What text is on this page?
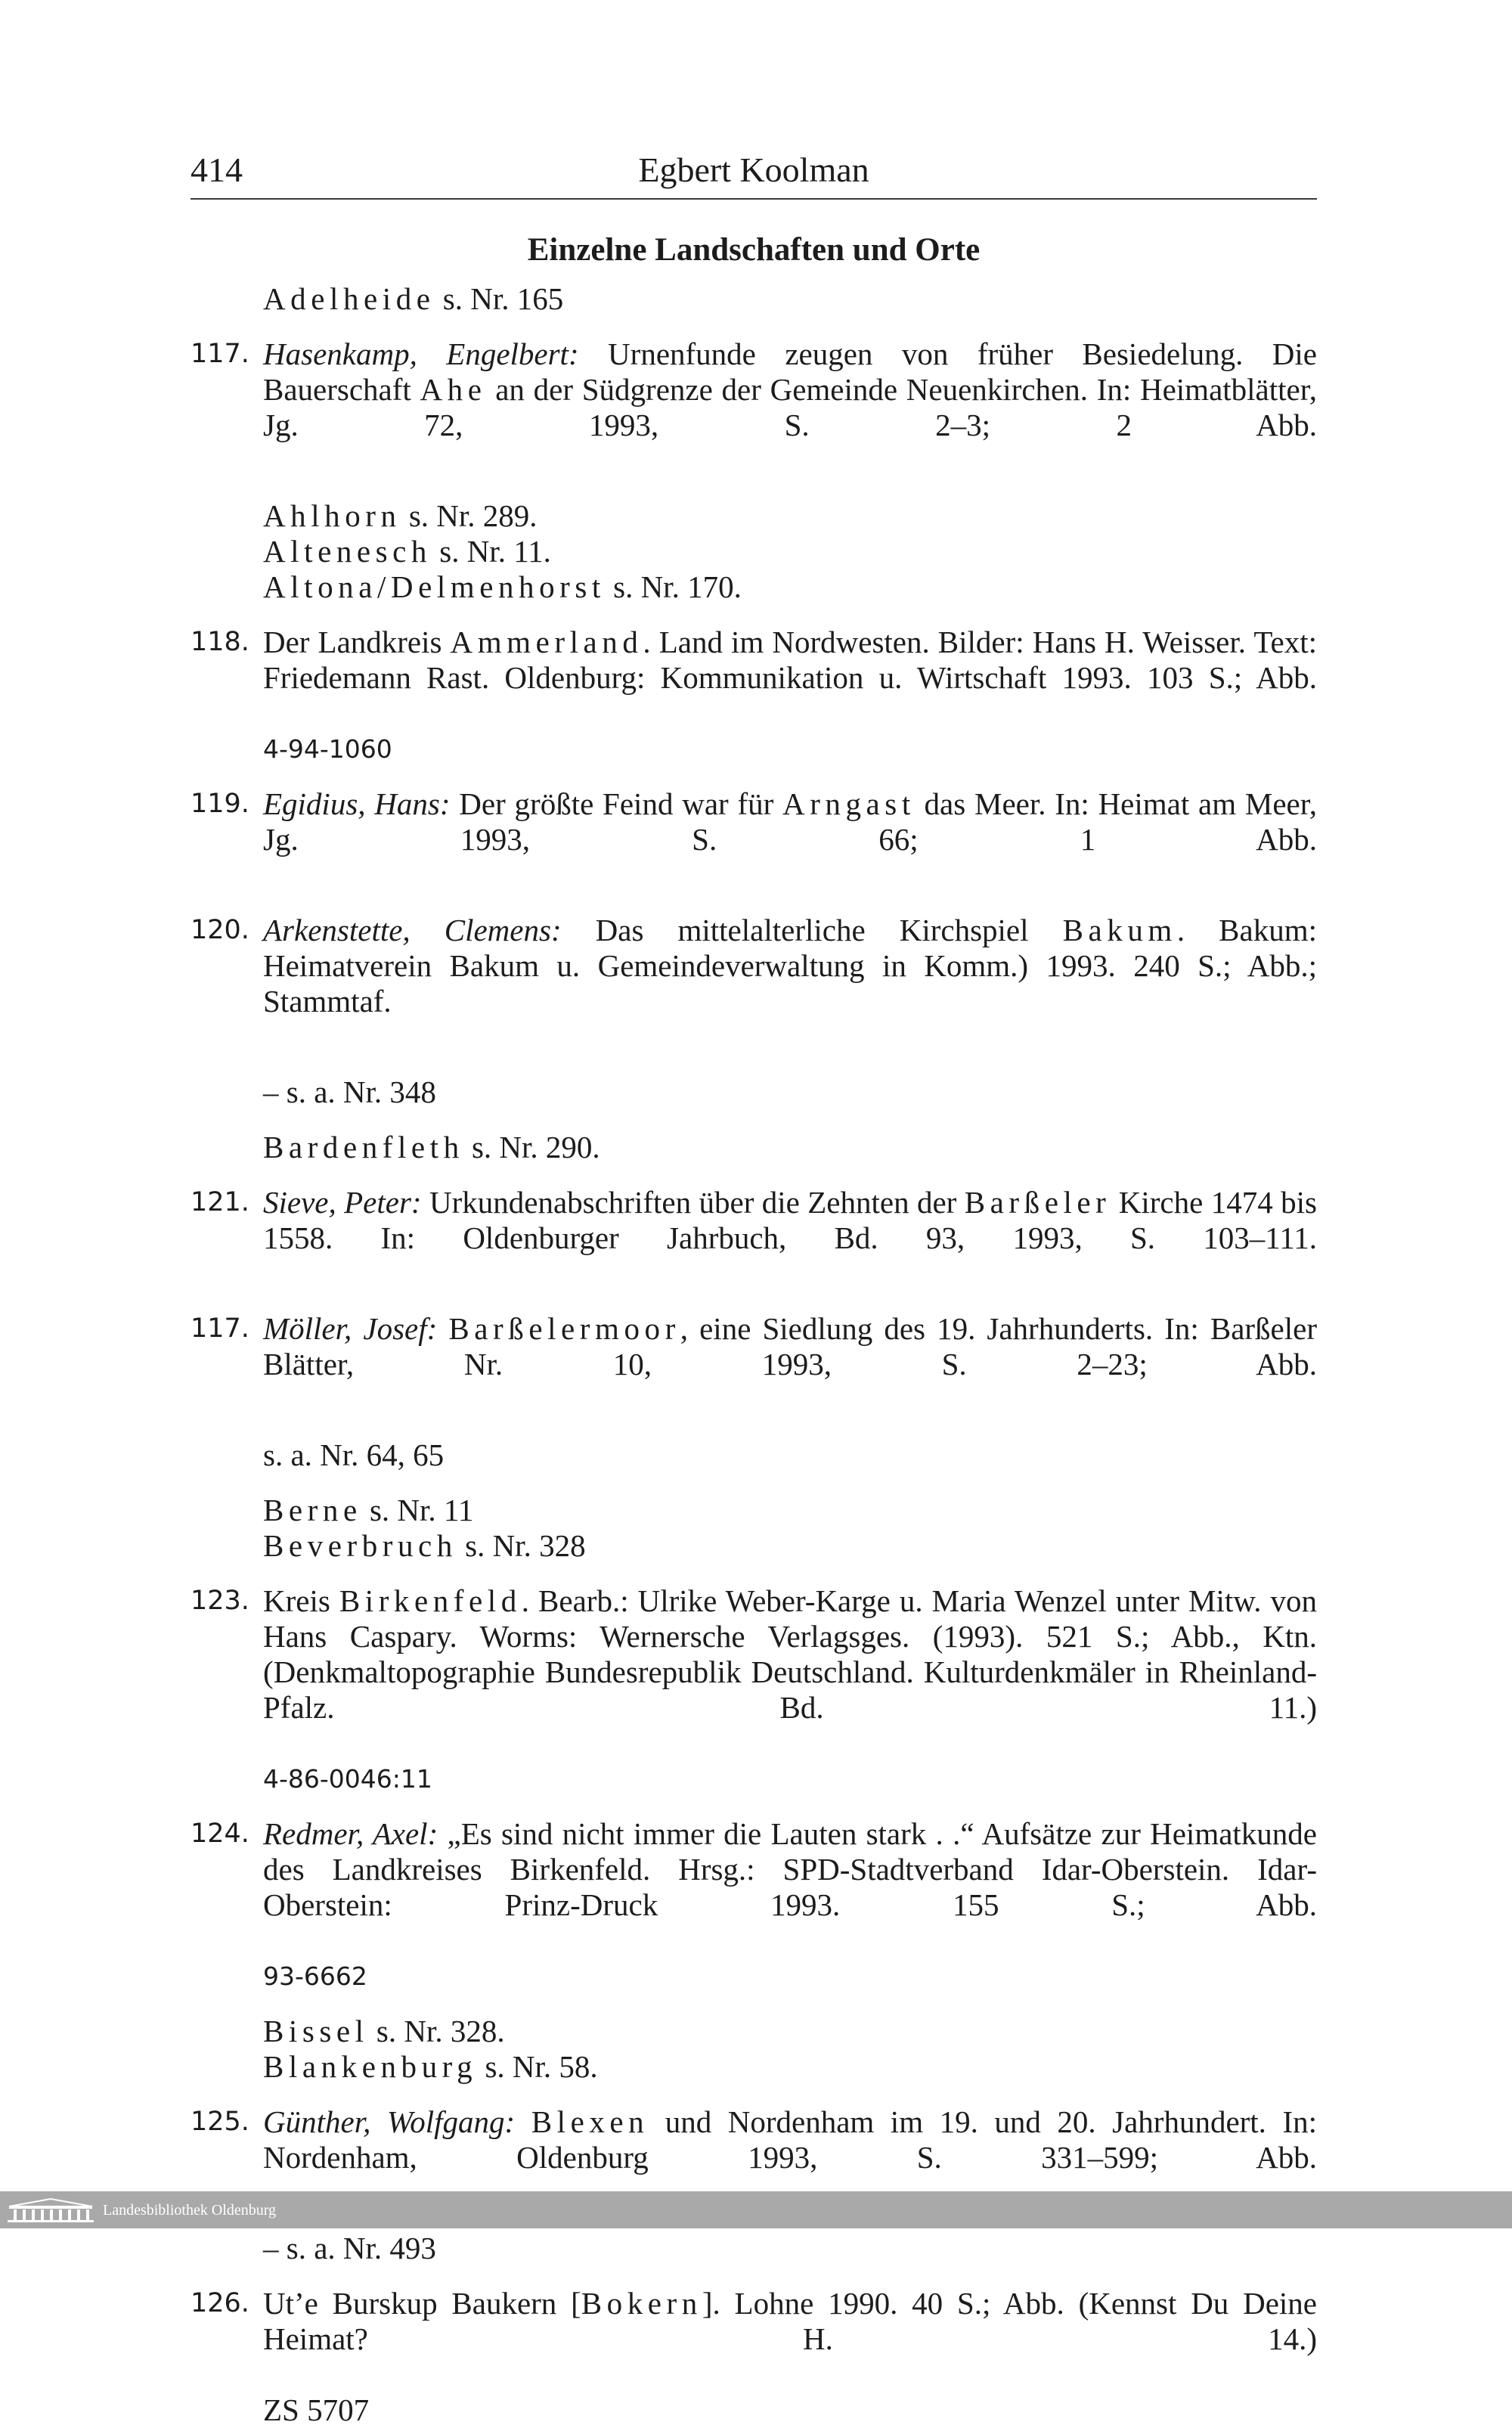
414	Egbert Koolman
Einzelne Landschaften und Orte
Adelheide s. Nr. 165
117. Hasenkamp, Engelbert: Urnenfunde zeugen von früher Besiedelung. Die Bauerschaft Ahe an der Südgrenze der Gemeinde Neuenkirchen. In: Heimatblätter, Jg. 72, 1993, S. 2–3; 2 Abb.
Ahlhorn s. Nr. 289.
Altenesch s. Nr. 11.
Altona/Delmenhorst s. Nr. 170.
118. Der Landkreis Ammerland. Land im Nordwesten. Bilder: Hans H. Weisser. Text: Friedemann Rast. Oldenburg: Kommunikation u. Wirtschaft 1993. 103 S.; Abb.
4-94-1060
119. Egidius, Hans: Der größte Feind war für Arngast das Meer. In: Heimat am Meer, Jg. 1993, S. 66; 1 Abb.
120. Arkenstette, Clemens: Das mittelalterliche Kirchspiel Bakum. Bakum: Heimatverein Bakum u. Gemeindeverwaltung in Komm.) 1993. 240 S.; Abb.; Stammtaf.
– s. a. Nr. 348
Bardenfleth s. Nr. 290.
121. Sieve, Peter: Urkundenabschriften über die Zehnten der Barßeler Kirche 1474 bis 1558. In: Oldenburger Jahrbuch, Bd. 93, 1993, S. 103–111.
117. Möller, Josef: Barßelermoor, eine Siedlung des 19. Jahrhunderts. In: Barßeler Blätter, Nr. 10, 1993, S. 2–23; Abb.
s. a. Nr. 64, 65
Berne s. Nr. 11
Beverbruch s. Nr. 328
123. Kreis Birkenfeld. Bearb.: Ulrike Weber-Karge u. Maria Wenzel unter Mitw. von Hans Caspary. Worms: Wernersche Verlagsges. (1993). 521 S.; Abb., Ktn. (Denkmaltopographie Bundesrepublik Deutschland. Kulturdenkmäler in Rheinland-Pfalz. Bd. 11.)
4-86-0046:11
124. Redmer, Axel: „Es sind nicht immer die Lauten stark . .“ Aufsätze zur Heimatkunde des Landkreises Birkenfeld. Hrsg.: SPD-Stadtverband Idar-Oberstein. Idar-Oberstein: Prinz-Druck 1993. 155 S.; Abb.
93-6662
Bissel s. Nr. 328.
Blankenburg s. Nr. 58.
125. Günther, Wolfgang: Blexen und Nordenham im 19. und 20. Jahrhundert. In: Nordenham, Oldenburg 1993, S. 331–599; Abb.
– s. a. Nr. 493
126. Ut’e Burskup Baukern [Bokern]. Lohne 1990. 40 S.; Abb. (Kennst Du Deine Heimat? H. 14.)
ZS 5707
Landesbibliothek Oldenburg
